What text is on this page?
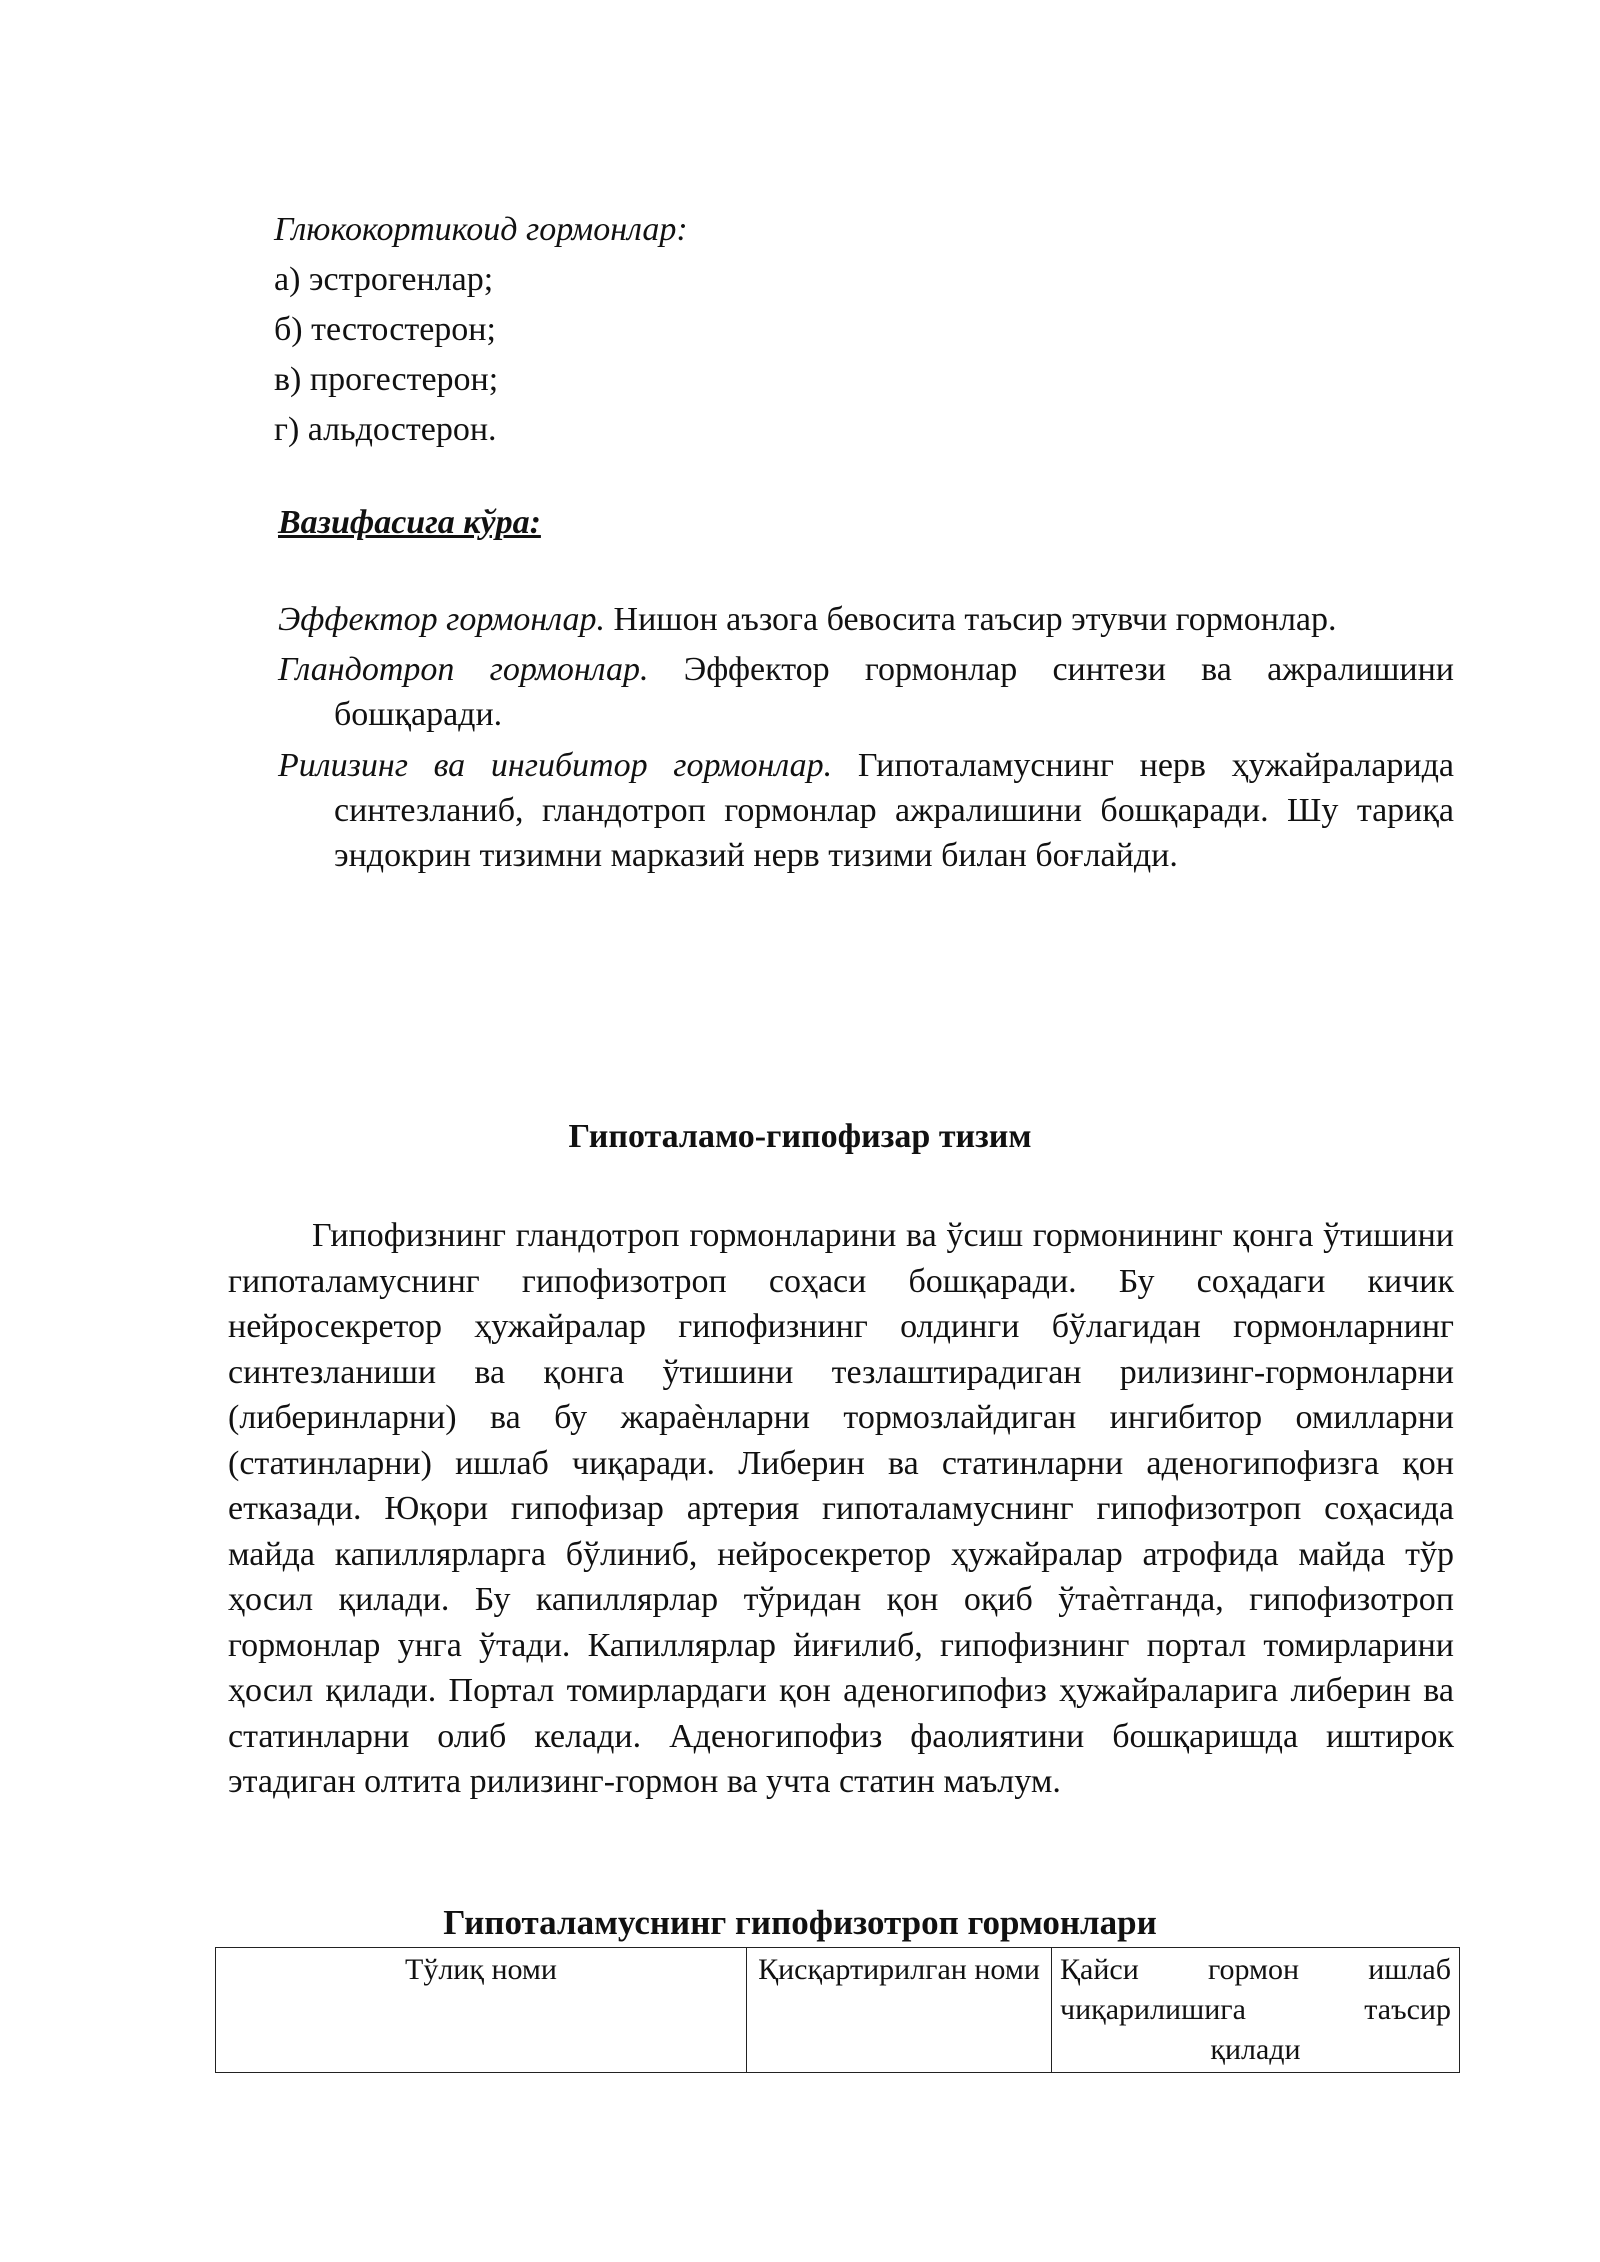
Глюкокортикоид гормонлар:
а) эстрогенлар;
б) тестостерон;
в) прогестерон;
г) альдостерон.
Вазифасига кўра:
Эффектор гормонлар. Нишон аъзога бевосита таъсир этувчи гормонлар.
Гландотроп гормонлар. Эффектор гормонлар синтези ва ажралишини бошқаради.
Рилизинг ва ингибитор гормонлар. Гипоталамуснинг нерв ҳужайраларида синтезланиб, гландотроп гормонлар ажралишини бошқаради. Шу тариқа эндокрин тизимни марказий нерв тизими билан боғлайди.
Гипоталамо-гипофизар тизим
Гипофизнинг гландотроп гормонларини ва ўсиш гормонининг қонга ўтишини гипоталамуснинг гипофизотроп соҳаси бошқаради. Бу соҳадаги кичик нейросекретор ҳужайралар гипофизнинг олдинги бўлагидан гормонларнинг синтезланиши ва қонга ўтишини тезлаштирадиган рилизинг-гормонларни (либеринларни) ва бу жараѐнларни тормозлайдиган ингибитор омилларни (статинларни) ишлаб чиқаради. Либерин ва статинларни аденогипофизга қон етказади. Юқори гипофизар артерия гипоталамуснинг гипофизотроп соҳасида майда капиллярларга бўлиниб, нейросекретор ҳужайралар атрофида майда тўр ҳосил қилади. Бу капиллярлар тўридан қон оқиб ўтаѐтганда, гипофизотроп гормонлар унга ўтади. Капиллярлар йиғилиб, гипофизнинг портал томирларини ҳосил қилади. Портал томирлардаги қон аденогипофиз ҳужайраларига либерин ва статинларни олиб келади. Аденогипофиз фаолиятини бошқаришда иштирок этадиган олтита рилизинг-гормон ва учта статин маълум.
Гипоталамуснинг гипофизотроп гормонлари
Тўлиқ номи	Қисқартирилган номи	Қайси гормон ишлаб
чиқарилишига таъсир
қилади
